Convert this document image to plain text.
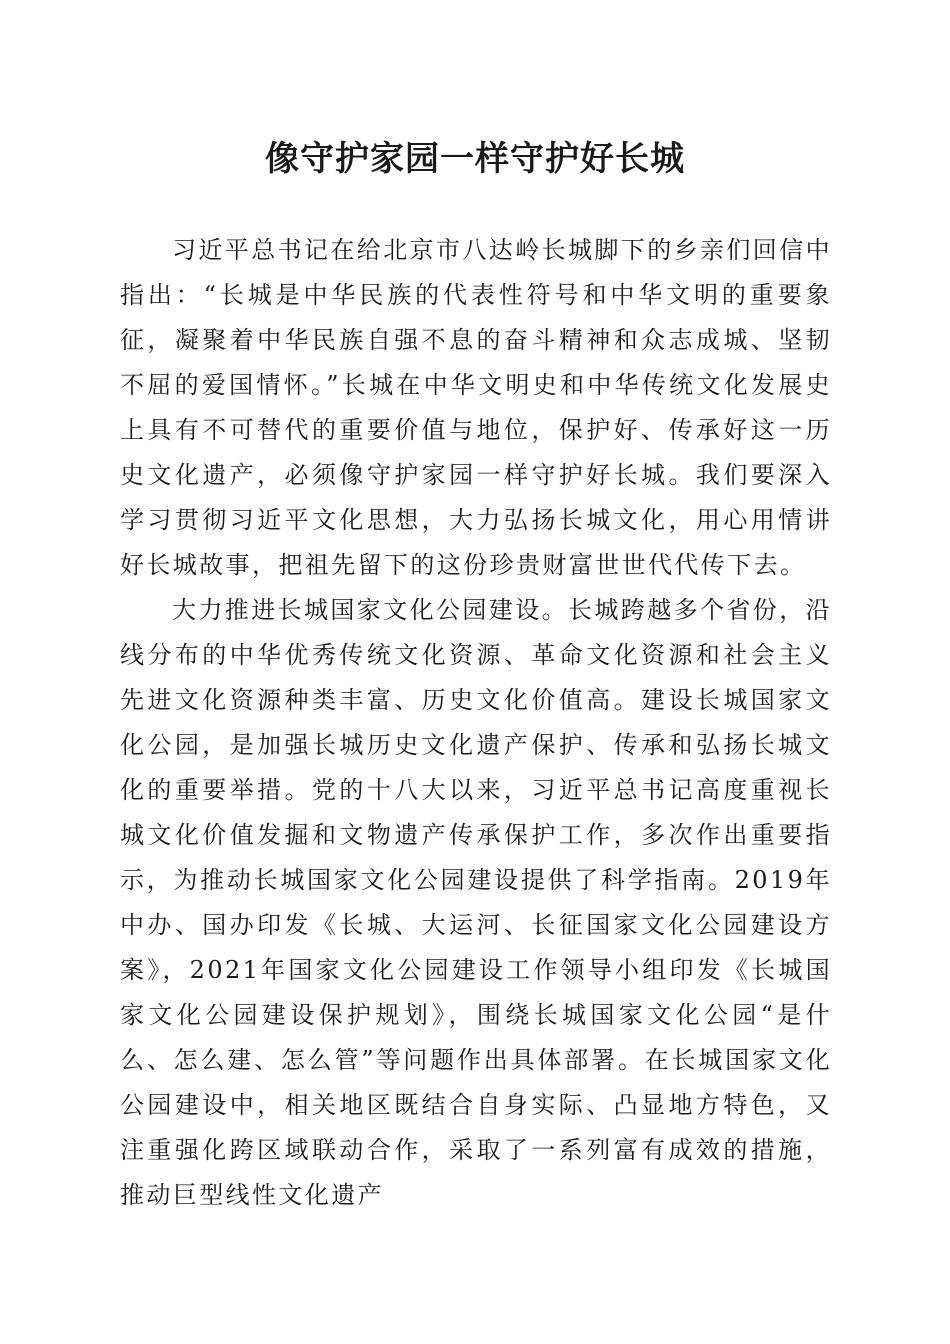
像守护家园一样守护好长城

习近平总书记在给北京市八达岭长城脚下的乡亲们回信中指出：“长城是中华民族的代表性符号和中华文明的重要象征，凝聚着中华民族自强不息的奋斗精神和众志成城、坚韧不屈的爱国情怀。”长城在中华文明史和中华传统文化发展史上具有不可替代的重要价值与地位，保护好、传承好这一历史文化遗产，必须像守护家园一样守护好长城。我们要深入学习贯彻习近平文化思想，大力弘扬长城文化，用心用情讲好长城故事，把祖先留下的这份珍贵财富世世代代传下去。

大力推进长城国家文化公园建设。长城跨越多个省份，沿线分布的中华优秀传统文化资源、革命文化资源和社会主义先进文化资源种类丰富、历史文化价值高。建设长城国家文化公园，是加强长城历史文化遗产保护、传承和弘扬长城文化的重要举措。党的十八大以来，习近平总书记高度重视长城文化价值发掘和文物遗产传承保护工作，多次作出重要指示，为推动长城国家文化公园建设提供了科学指南。2019年中办、国办印发《长城、大运河、长征国家文化公园建设方案》，2021年国家文化公园建设工作领导小组印发《长城国家文化公园建设保护规划》，围绕长城国家文化公园“是什么、怎么建、怎么管”等问题作出具体部署。在长城国家文化公园建设中，相关地区既结合自身实际、凸显地方特色，又注重强化跨区域联动合作，采取了一系列富有成效的措施，推动巨型线性文化遗产
